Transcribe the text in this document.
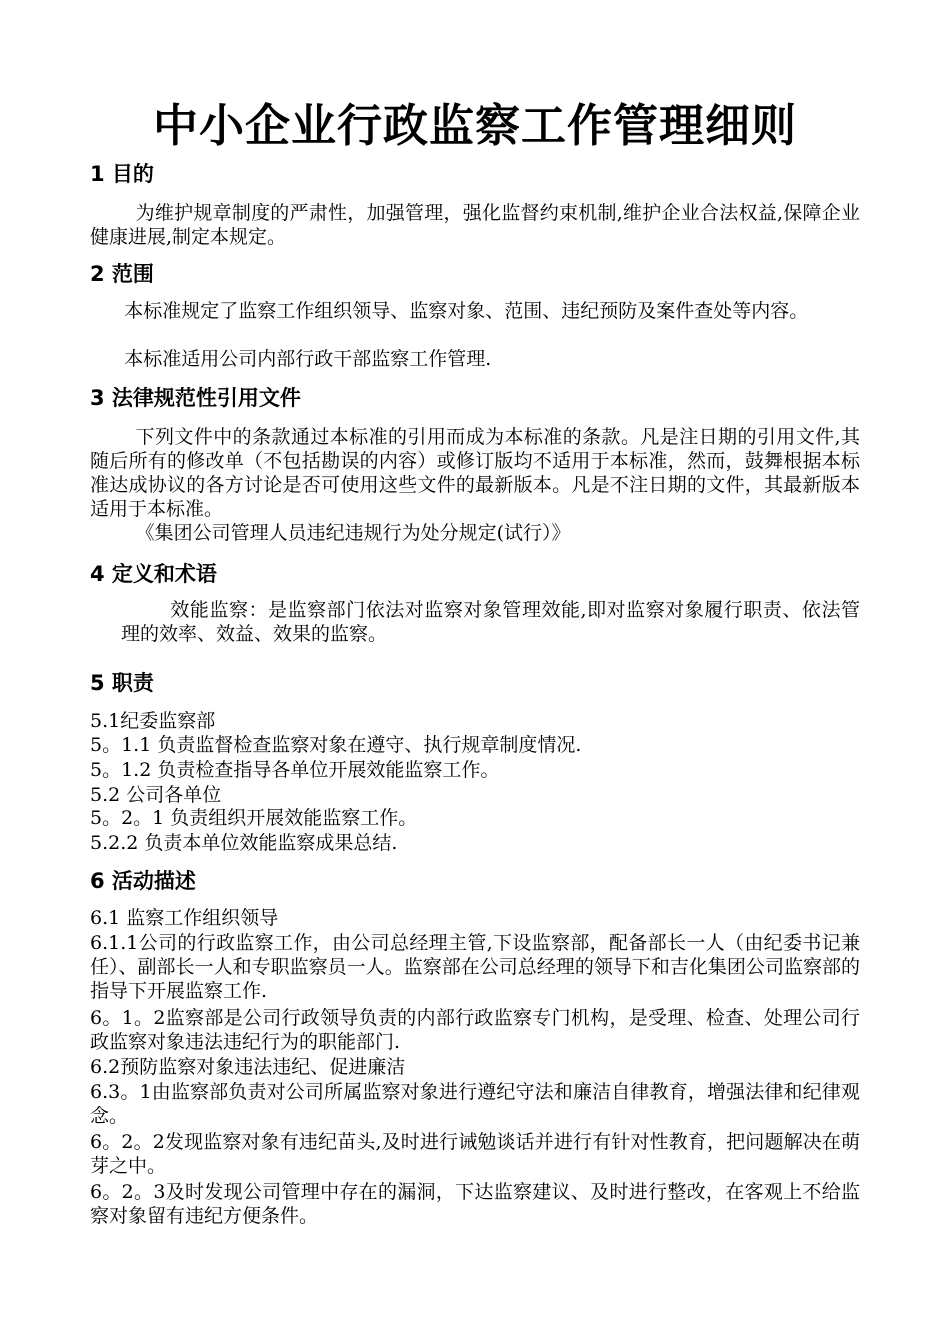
中小企业行政监察工作管理细则
1 目的

为维护规章制度的严肃性，加强管理，强化监督约束机制,维护企业合法权益,保障企业健康进展,制定本规定。

2 范围

本标准规定了监察工作组织领导、监察对象、范围、违纪预防及案件查处等内容。

本标准适用公司内部行政干部监察工作管理.

3 法律规范性引用文件

下列文件中的条款通过本标准的引用而成为本标准的条款。凡是注日期的引用文件,其随后所有的修改单（不包括勘误的内容）或修订版均不适用于本标准，然而，鼓舞根据本标准达成协议的各方讨论是否可使用这些文件的最新版本。凡是不注日期的文件，其最新版本适用于本标准。

《集团公司管理人员违纪违规行为处分规定(试行）》

4 定义和术语

效能监察：是监察部门依法对监察对象管理效能,即对监察对象履行职责、依法管理的效率、效益、效果的监察。

5 职责

5.1纪委监察部

5。1.1 负责监督检查监察对象在遵守、执行规章制度情况.

5。1.2 负责检查指导各单位开展效能监察工作。

5.2 公司各单位

5。2。1 负责组织开展效能监察工作。

5.2.2 负责本单位效能监察成果总结.

6 活动描述

6.1 监察工作组织领导

6.1.1公司的行政监察工作，由公司总经理主管,下设监察部，配备部长一人（由纪委书记兼任）、副部长一人和专职监察员一人。监察部在公司总经理的领导下和吉化集团公司监察部的指导下开展监察工作.

6。1。2监察部是公司行政领导负责的内部行政监察专门机构，是受理、检查、处理公司行政监察对象违法违纪行为的职能部门.

6.2预防监察对象违法违纪、促进廉洁

6.3。1由监察部负责对公司所属监察对象进行遵纪守法和廉洁自律教育，增强法律和纪律观念。

6。2。2发现监察对象有违纪苗头,及时进行诫勉谈话并进行有针对性教育，把问题解决在萌芽之中。

6。2。3及时发现公司管理中存在的漏洞，下达监察建议、及时进行整改，在客观上不给监察对象留有违纪方便条件。
